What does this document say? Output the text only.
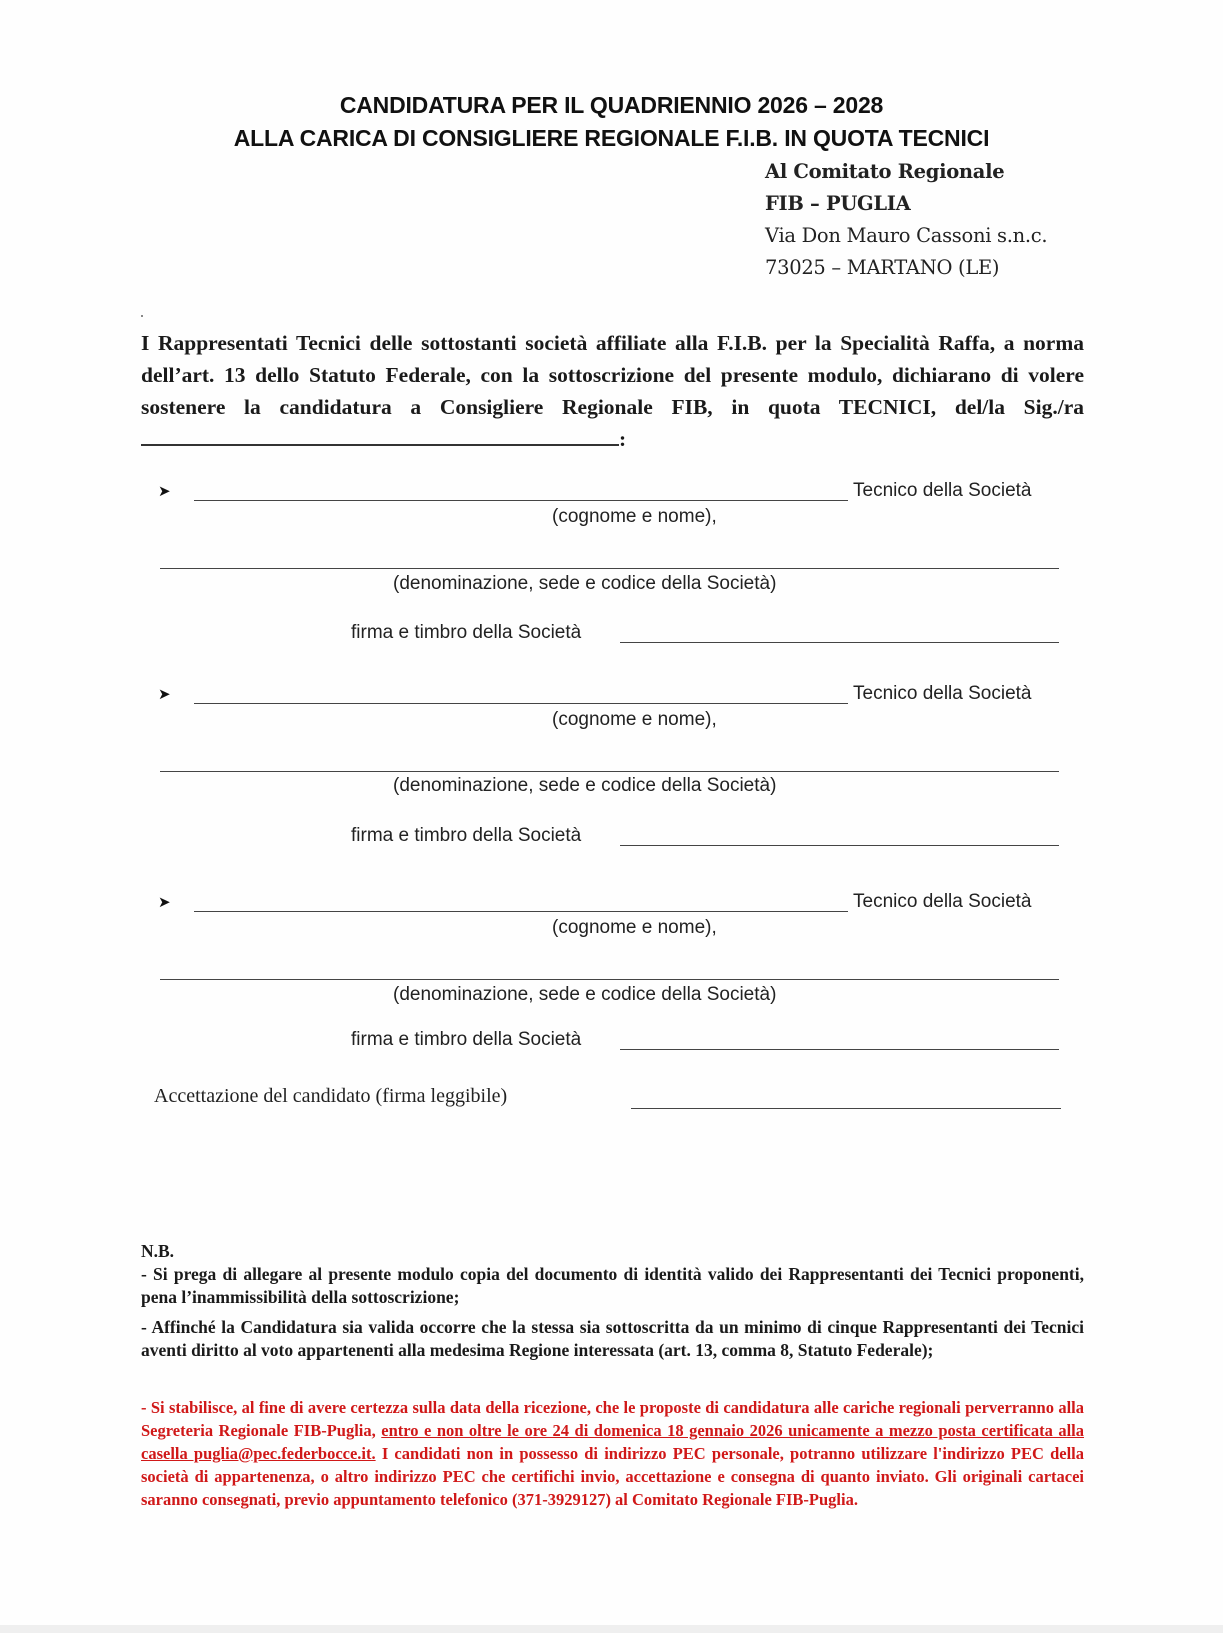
CANDIDATURA PER IL QUADRIENNIO 2026 – 2028
ALLA CARICA DI CONSIGLIERE REGIONALE F.I.B. IN QUOTA TECNICI
Al Comitato Regionale
FIB – PUGLIA
Via Don Mauro Cassoni s.n.c.
73025 – MARTANO (LE)
I Rappresentati Tecnici delle sottostanti società affiliate alla F.I.B. per la Specialità Raffa, a norma dell’art. 13 dello Statuto Federale, con la sottoscrizione del presente modulo, dichiarano di volere sostenere la candidatura a Consigliere Regionale FIB, in quota TECNICI, del/la Sig./ra :
➤	Tecnico della Società
(cognome e nome),
(denominazione, sede e codice della Società)
firma e timbro della Società
➤	Tecnico della Società
(cognome e nome),
(denominazione, sede e codice della Società)
firma e timbro della Società
➤	Tecnico della Società
(cognome e nome),
(denominazione, sede e codice della Società)
firma e timbro della Società
Accettazione del candidato (firma leggibile)
N.B.
- Si prega di allegare al presente modulo copia del documento di identità valido dei Rappresentanti dei Tecnici proponenti, pena l’inammissibilità della sottoscrizione;
- Affinché la Candidatura sia valida occorre che la stessa sia sottoscritta da un minimo di cinque Rappresentanti dei Tecnici aventi diritto al voto appartenenti alla medesima Regione interessata (art. 13, comma 8, Statuto Federale);
- Si stabilisce, al fine di avere certezza sulla data della ricezione, che le proposte di candidatura alle cariche regionali perverranno alla Segreteria Regionale FIB-Puglia, entro e non oltre le ore 24 di domenica 18 gennaio 2026 unicamente a mezzo posta certificata alla casella puglia@pec.federbocce.it. I candidati non in possesso di indirizzo PEC personale, potranno utilizzare l'indirizzo PEC della società di appartenenza, o altro indirizzo PEC che certifichi invio, accettazione e consegna di quanto inviato. Gli originali cartacei saranno consegnati, previo appuntamento telefonico (371-3929127) al Comitato Regionale FIB-Puglia.
